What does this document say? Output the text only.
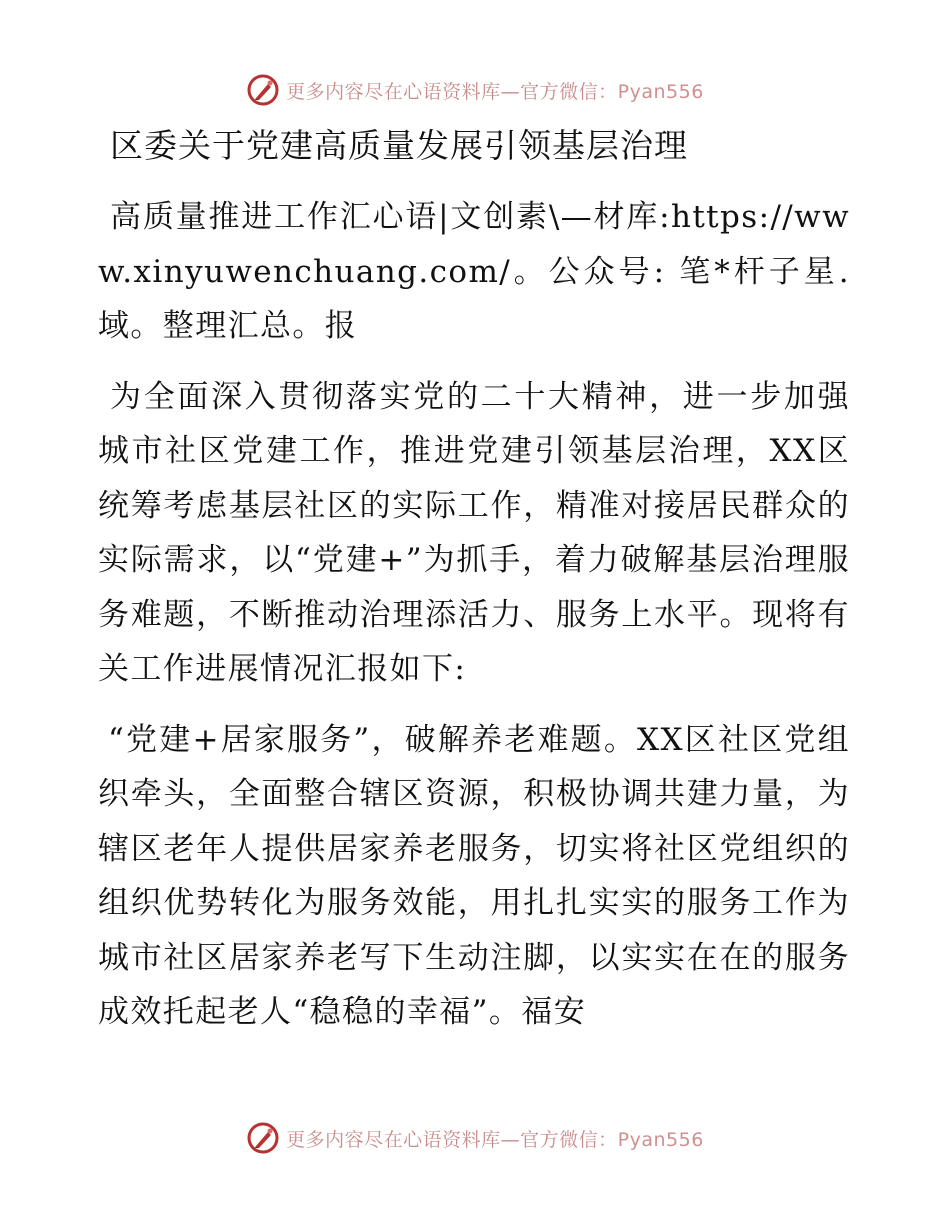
更多内容尽在心语资料库—官方微信：Pyan556
区委关于党建高质量发展引领基层治理

高质量推进工作汇心语|文创素\—材库:https://www.xinyuwenchuang.com/。公众号: 笔*杆子星.域。整理汇总。报

为全面深入贯彻落实党的二十大精神，进一步加强城市社区党建工作，推进党建引领基层治理，XX区统筹考虑基层社区的实际工作，精准对接居民群众的实际需求，以“党建+”为抓手，着力破解基层治理服务难题，不断推动治理添活力、服务上水平。现将有关工作进展情况汇报如下:

“党建+居家服务”，破解养老难题。XX区社区党组织牵头，全面整合辖区资源，积极协调共建力量，为辖区老年人提供居家养老服务，切实将社区党组织的组织优势转化为服务效能，用扎扎实实的服务工作为城市社区居家养老写下生动注脚，以实实在在的服务成效托起老人“稳稳的幸福”。福安

更多内容尽在心语资料库—官方微信：Pyan556
